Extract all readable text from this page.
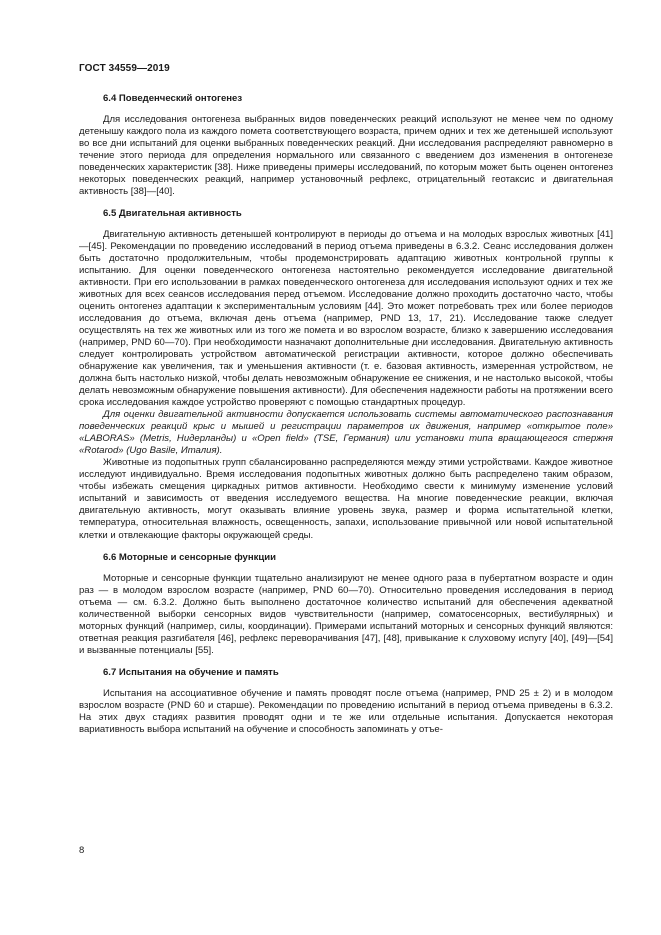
ГОСТ 34559—2019
6.4 Поведенческий онтогенез

Для исследования онтогенеза выбранных видов поведенческих реакций используют не менее чем по одному детенышу каждого пола из каждого помета соответствующего возраста, причем одних и тех же детенышей используют во все дни испытаний для оценки выбранных поведенческих реакций. Дни исследования распределяют равномерно в течение этого периода для определения нормального или связанного с введением доз изменения в онтогенезе поведенческих характеристик [38]. Ниже приведены примеры исследований, по которым может быть оценен онтогенез некоторых поведенческих реакций, например установочный рефлекс, отрицательный геотаксис и двигательная активность [38]—[40].

6.5 Двигательная активность

Двигательную активность детенышей контролируют в периоды до отъема и на молодых взрослых животных [41]—[45]. Рекомендации по проведению исследований в период отъема приведены в 6.3.2. Сеанс исследования должен быть достаточно продолжительным, чтобы продемонстрировать адаптацию животных контрольной группы к испытанию. Для оценки поведенческого онтогенеза настоятельно рекомендуется исследование двигательной активности. При его использовании в рамках поведенческого онтогенеза для исследования используют одних и тех же животных для всех сеансов исследования перед отъемом. Исследование должно проходить достаточно часто, чтобы оценить онтогенез адаптации к экспериментальным условиям [44]. Это может потребовать трех или более периодов исследования до отъема, включая день отъема (например, PND 13, 17, 21). Исследование также следует осуществлять на тех же животных или из того же помета и во взрослом возрасте, близко к завершению исследования (например, PND 60—70). При необходимости назначают дополнительные дни исследования. Двигательную активность следует контролировать устройством автоматической регистрации активности, которое должно обеспечивать обнаружение как увеличения, так и уменьшения активности (т. е. базовая активность, измеренная устройством, не должна быть настолько низкой, чтобы делать невозможным обнаружение ее снижения, и не настолько высокой, чтобы делать невозможным обнаружение повышения активности). Для обеспечения надежности работы на протяжении всего срока исследования каждое устройство проверяют с помощью стандартных процедур.

Для оценки двигательной активности допускается использовать системы автоматического распознавания поведенческих реакций крыс и мышей и регистрации параметров их движения, например «открытое поле» «LABORAS» (Metris, Нидерланды) и «Open field» (TSE, Германия) или установки типа вращающегося стержня «Rotarod» (Ugo Basile, Италия).

Животные из подопытных групп сбалансированно распределяются между этими устройствами. Каждое животное исследуют индивидуально. Время исследования подопытных животных должно быть распределено таким образом, чтобы избежать смещения циркадных ритмов активности. Необходимо свести к минимуму изменение условий испытаний и зависимость от введения исследуемого вещества. На многие поведенческие реакции, включая двигательную активность, могут оказывать влияние уровень звука, размер и форма испытательной клетки, температура, относительная влажность, освещенность, запахи, использование привычной или новой испытательной клетки и отвлекающие факторы окружающей среды.

6.6 Моторные и сенсорные функции

Моторные и сенсорные функции тщательно анализируют не менее одного раза в пубертатном возрасте и один раз — в молодом взрослом возрасте (например, PND 60—70). Относительно проведения исследования в период отъема — см. 6.3.2. Должно быть выполнено достаточное количество испытаний для обеспечения адекватной количественной выборки сенсорных видов чувствительности (например, соматосенсорных, вестибулярных) и моторных функций (например, силы, координации). Примерами испытаний моторных и сенсорных функций являются: ответная реакция разгибателя [46], рефлекс переворачивания [47], [48], привыкание к слуховому испугу [40], [49]—[54] и вызванные потенциалы [55].

6.7 Испытания на обучение и память

Испытания на ассоциативное обучение и память проводят после отъема (например, PND 25 ± 2) и в молодом взрослом возрасте (PND 60 и старше). Рекомендации по проведению испытаний в период отъема приведены в 6.3.2. На этих двух стадиях развития проводят одни и те же или отдельные испытания. Допускается некоторая вариативность выбора испытаний на обучение и способность запоминать у отъе-

8
